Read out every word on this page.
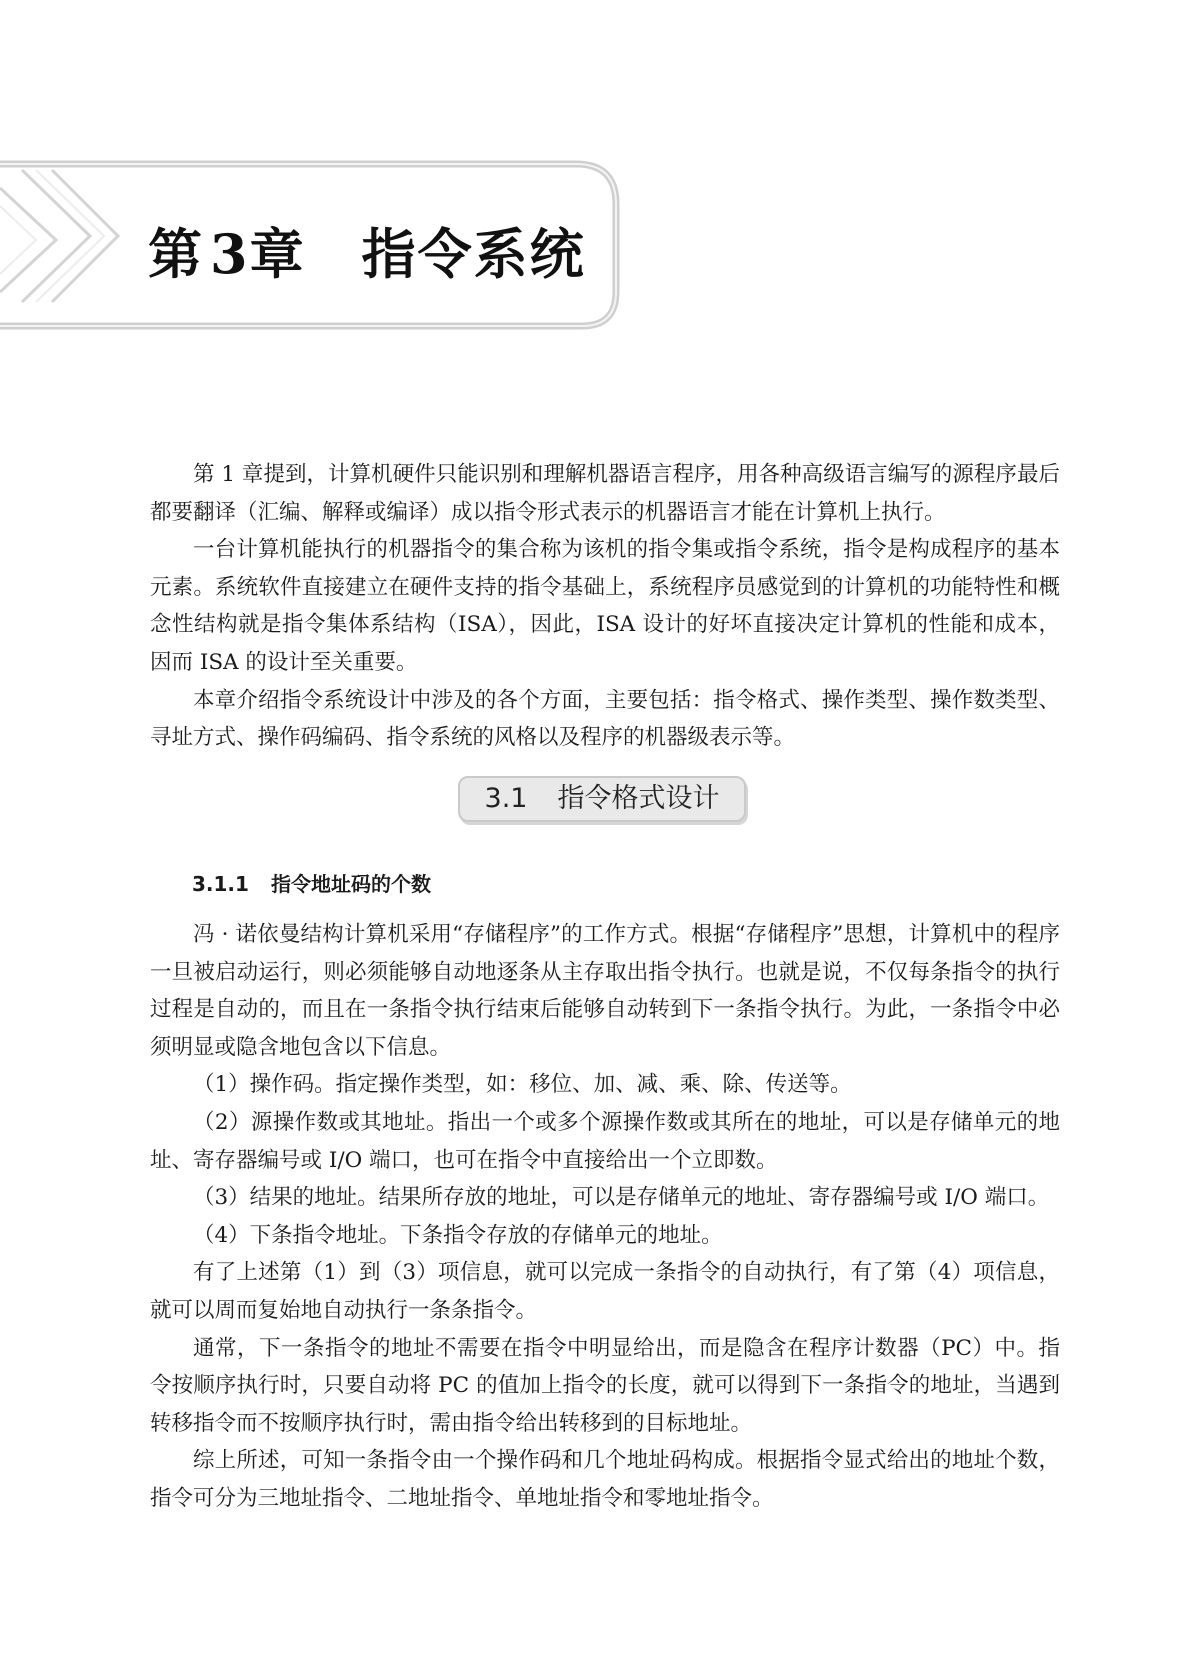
第 3章 指令系统

第 1 章提到，计算机硬件只能识别和理解机器语言程序，用各种高级语言编写的源程序最后都要翻译（汇编、解释或编译）成以指令形式表示的机器语言才能在计算机上执行。

一台计算机能执行的机器指令的集合称为该机的指令集或指令系统，指令是构成程序的基本元素。系统软件直接建立在硬件支持的指令基础上，系统程序员感觉到的计算机的功能特性和概念性结构就是指令集体系结构（ISA），因此，ISA 设计的好坏直接决定计算机的性能和成本，因而 ISA 的设计至关重要。

本章介绍指令系统设计中涉及的各个方面，主要包括：指令格式、操作类型、操作数类型、寻址方式、操作码编码、指令系统的风格以及程序的机器级表示等。

3.1 指令格式设计
3.1.1 指令地址码的个数

冯 · 诺依曼结构计算机采用“存储程序”的工作方式。根据“存储程序”思想，计算机中的程序一旦被启动运行，则必须能够自动地逐条从主存取出指令执行。也就是说，不仅每条指令的执行过程是自动的，而且在一条指令执行结束后能够自动转到下一条指令执行。为此，一条指令中必须明显或隐含地包含以下信息。

（1）操作码。指定操作类型，如：移位、加、减、乘、除、传送等。

（2）源操作数或其地址。指出一个或多个源操作数或其所在的地址，可以是存储单元的地址、寄存器编号或 I/O 端口，也可在指令中直接给出一个立即数。

（3）结果的地址。结果所存放的地址，可以是存储单元的地址、寄存器编号或 I/O 端口。

（4）下条指令地址。下条指令存放的存储单元的地址。

有了上述第（1）到（3）项信息，就可以完成一条指令的自动执行，有了第（4）项信息，就可以周而复始地自动执行一条条指令。

通常，下一条指令的地址不需要在指令中明显给出，而是隐含在程序计数器（PC）中。指令按顺序执行时，只要自动将 PC 的值加上指令的长度，就可以得到下一条指令的地址，当遇到转移指令而不按顺序执行时，需由指令给出转移到的目标地址。

综上所述，可知一条指令由一个操作码和几个地址码构成。根据指令显式给出的地址个数，指令可分为三地址指令、二地址指令、单地址指令和零地址指令。
